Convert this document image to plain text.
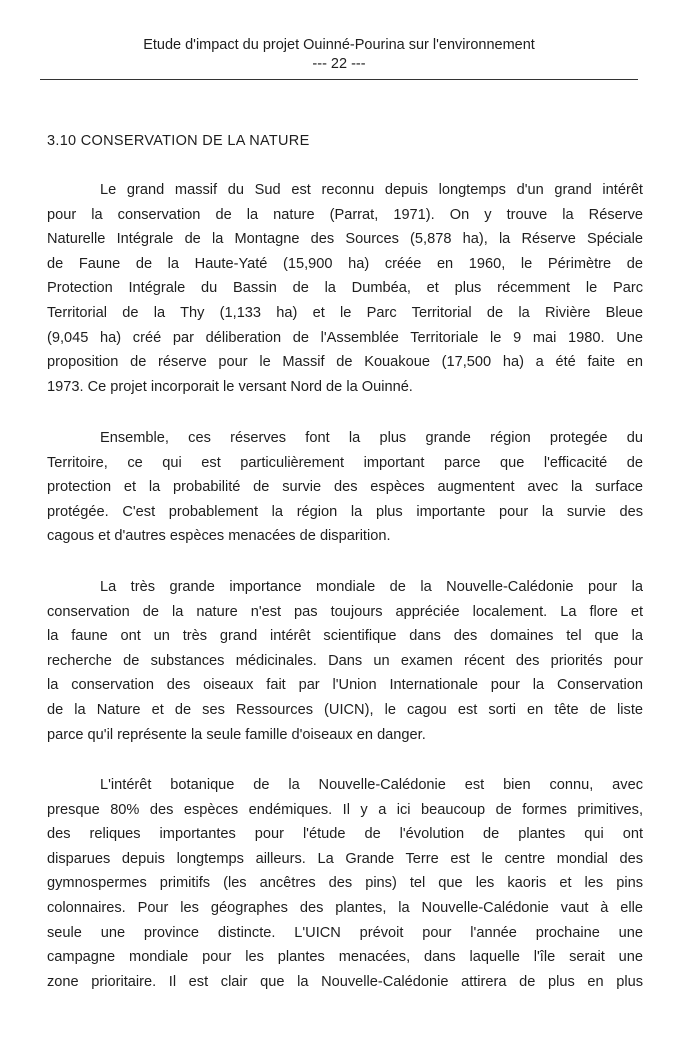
Etude d'impact du projet Ouinné-Pourina sur l'environnement
--- 22 ---
3.10 CONSERVATION DE LA NATURE

Le grand massif du Sud est reconnu depuis longtemps d'un grand intérêt
pour la conservation de la nature (Parrat, 1971). On y trouve la Réserve
Naturelle Intégrale de la Montagne des Sources (5,878 ha), la Réserve Spéciale
de Faune de la Haute-Yaté (15,900 ha) créée en 1960, le Périmètre de
Protection Intégrale du Bassin de la Dumbéa, et plus récemment le Parc
Territorial de la Thy (1,133 ha) et le Parc Territorial de la Rivière Bleue
(9,045 ha) créé par déliberation de l'Assemblée Territoriale le 9 mai 1980. Une
proposition de réserve pour le Massif de Kouakoue (17,500 ha) a été faite en
1973. Ce projet incorporait le versant Nord de la Ouinné.

Ensemble, ces réserves font la plus grande région protegée du
Territoire, ce qui est particulièrement important parce que l'efficacité de
protection et la probabilité de survie des espèces augmentent avec la surface
protégée. C'est probablement la région la plus importante pour la survie des
cagous et d'autres espèces menacées de disparition.

La très grande importance mondiale de la Nouvelle-Calédonie pour la
conservation de la nature n'est pas toujours appréciée localement. La flore et
la faune ont un très grand intérêt scientifique dans des domaines tel que la
recherche de substances médicinales. Dans un examen récent des priorités pour
la conservation des oiseaux fait par l'Union Internationale pour la Conservation
de la Nature et de ses Ressources (UICN), le cagou est sorti en tête de liste
parce qu'il représente la seule famille d'oiseaux en danger.

L'intérêt botanique de la Nouvelle-Calédonie est bien connu, avec
presque 80% des espèces endémiques. Il y a ici beaucoup de formes primitives,
des reliques importantes pour l'étude de l'évolution de plantes qui ont
disparues depuis longtemps ailleurs. La Grande Terre est le centre mondial des
gymnospermes primitifs (les ancêtres des pins) tel que les kaoris et les pins
colonnaires. Pour les géographes des plantes, la Nouvelle-Calédonie vaut à elle
seule une province distincte. L'UICN prévoit pour l'année prochaine une
campagne mondiale pour les plantes menacées, dans laquelle l'île serait une
zone prioritaire. Il est clair que la Nouvelle-Calédonie attirera de plus en plus
